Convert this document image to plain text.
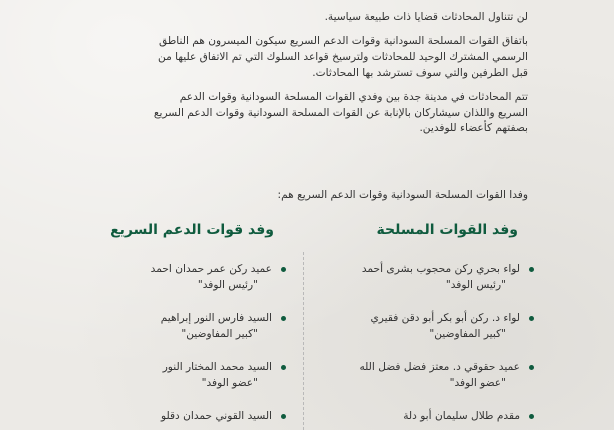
لن تتناول المحادثات قضايا ذات طبيعة سياسية.

باتفاق القوات المسلحة السودانية وقوات الدعم السريع سيكون الميسرون هم الناطق

الرسمي المشترك الوحيد للمحادثات ولترسيخ قواعد السلوك التي تم الاتفاق عليها من

قبل الطرفين والتي سوف تسترشد بها المحادثات.

تتم المحادثات في مدينة جدة بين وفدي القوات المسلحة السودانية وقوات الدعم

السريع واللذان سيشاركان بالإنابة عن القوات المسلحة السودانية وقوات الدعم السريع

بصفتهم كأعضاء للوفدين.

وفدا القوات المسلحة السودانية وقوات الدعم السريع هم:

وفد القوات المسلحة
وفد قوات الدعم السريع
لواء بحري ركن محجوب بشرى أحمد
"رئيس الوفد"
لواء د. ركن أبو بكر أبو دقن فقيري
"كبير المفاوضين"
عميد حقوقي د. معتز فضل فضل الله
"عضو الوفد"
مقدم طلال سليمان أبو دلة
عميد ركن عمر حمدان احمد
"رئيس الوفد"
السيد فارس النور إبراهيم
"كبير المفاوضين"
السيد محمد المختار النور
"عضو الوفد"
السيد القوني حمدان دقلو
